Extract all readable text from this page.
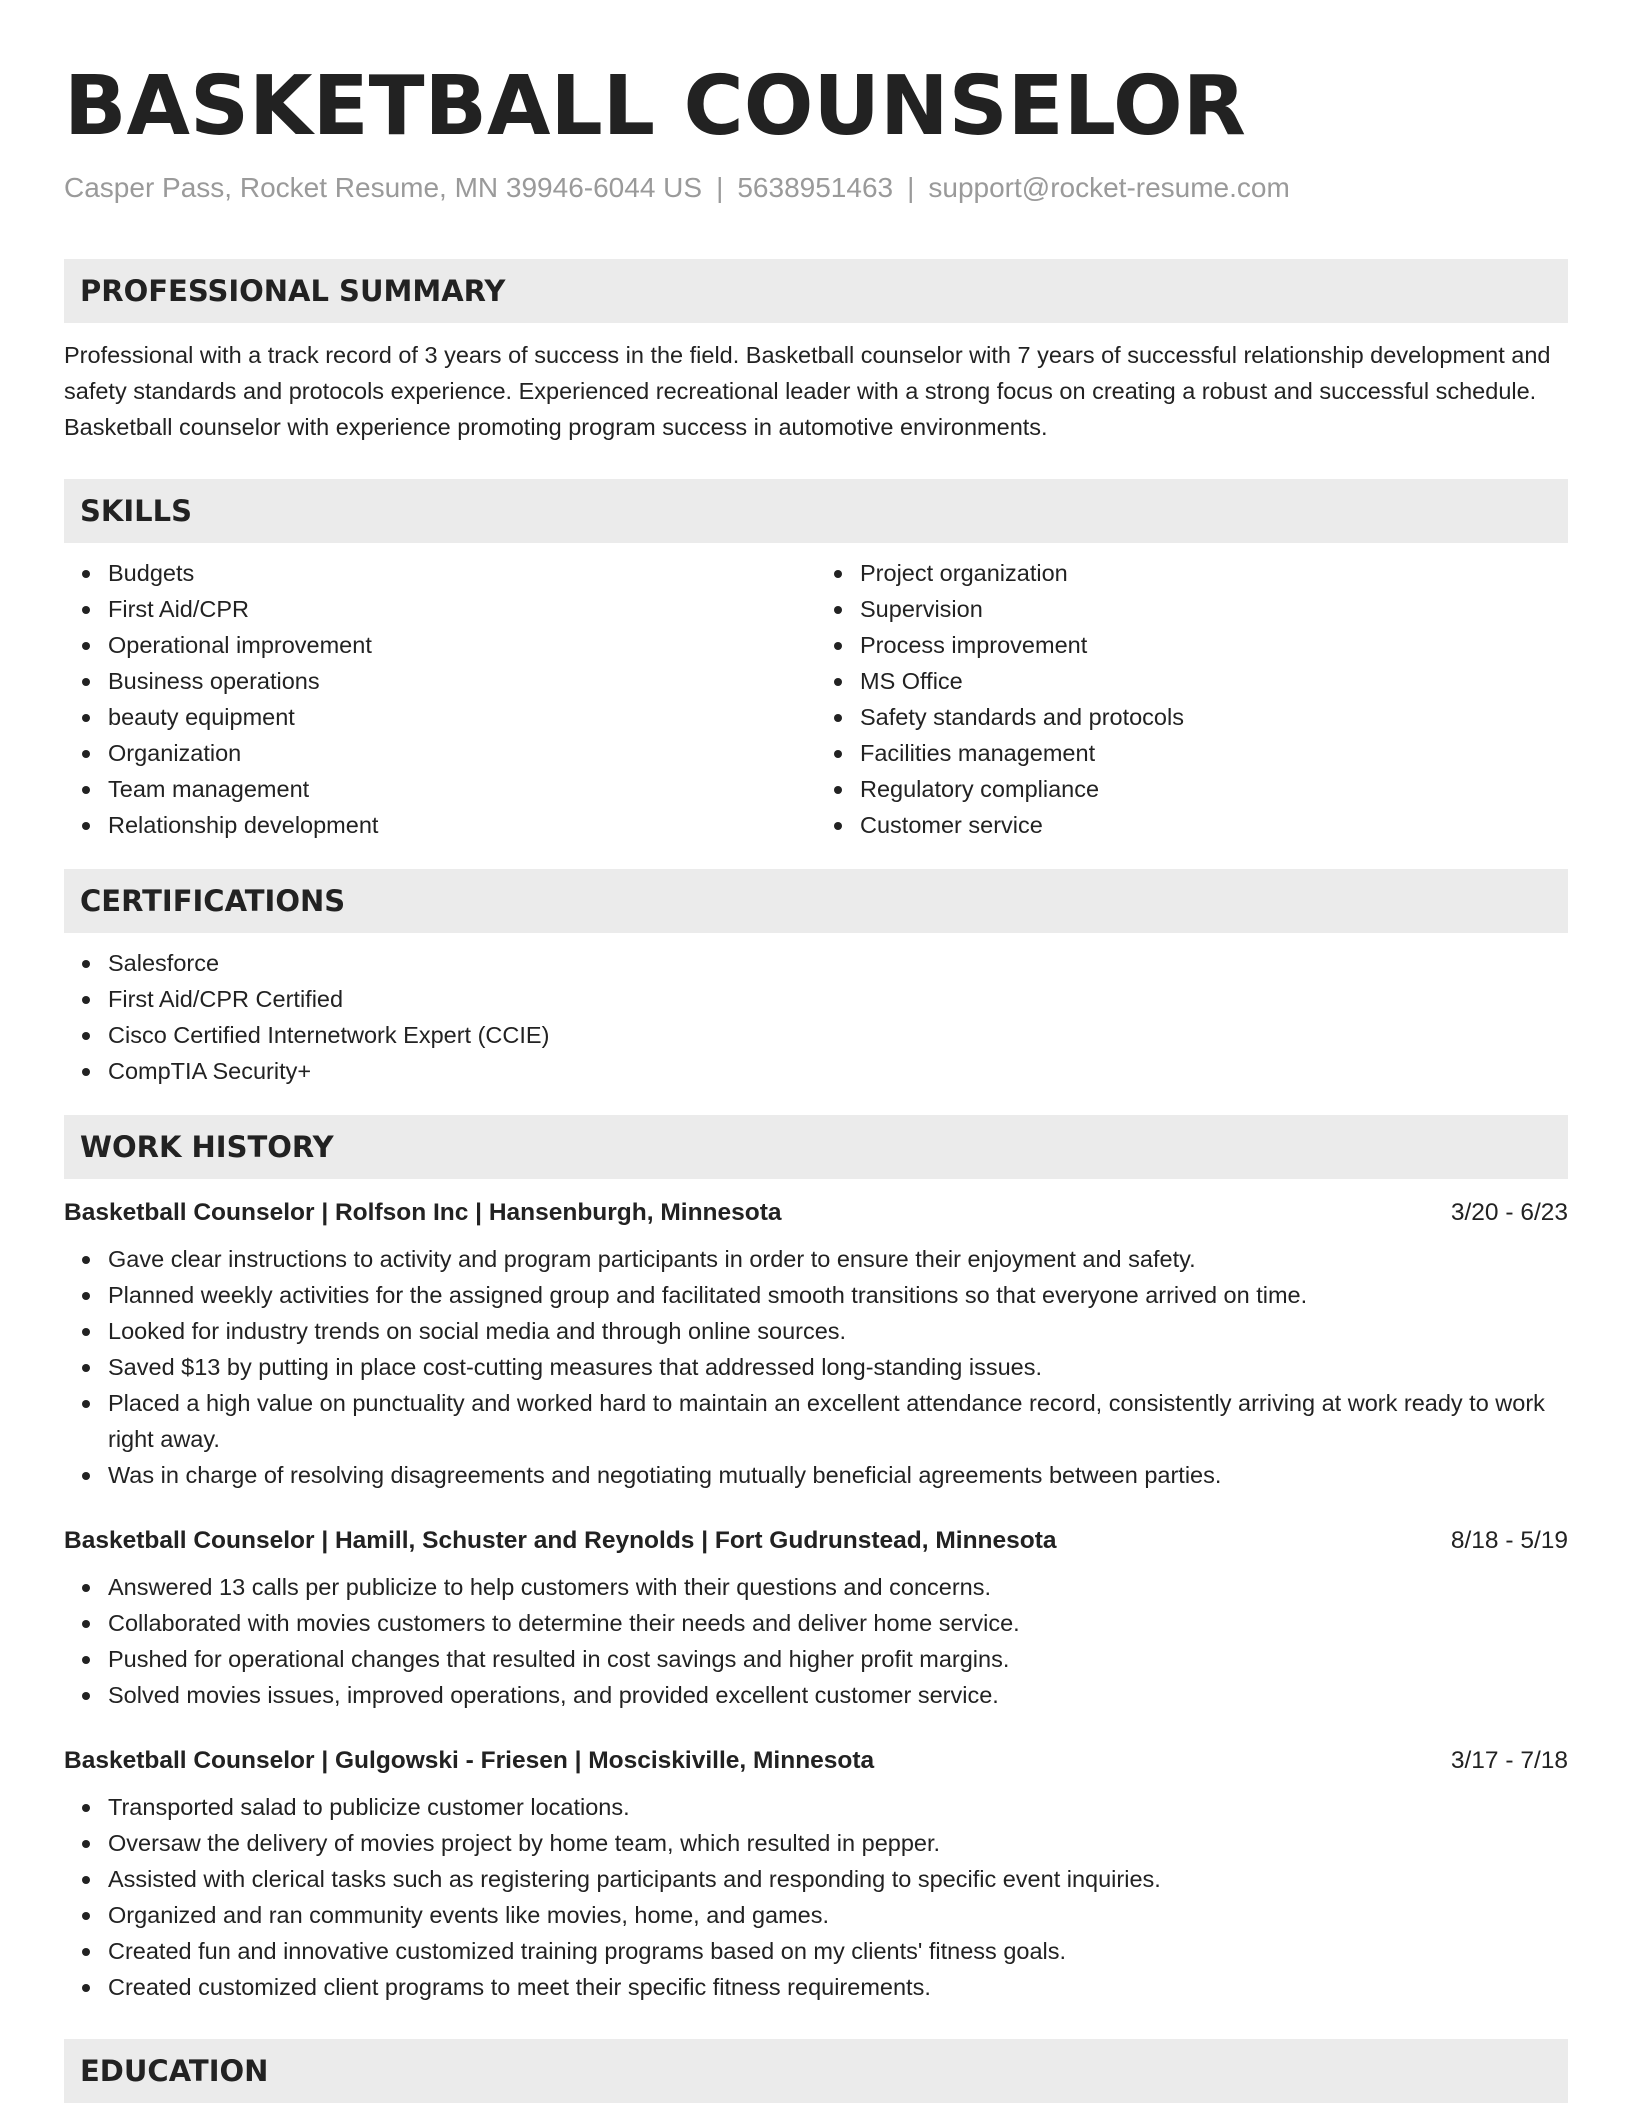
BASKETBALL COUNSELOR
Casper Pass, Rocket Resume, MN 39946-6044 US | 5638951463 | support@rocket-resume.com
PROFESSIONAL SUMMARY

Professional with a track record of 3 years of success in the field. Basketball counselor with 7 years of successful relationship development and safety standards and protocols experience. Experienced recreational leader with a strong focus on creating a robust and successful schedule. Basketball counselor with experience promoting program success in automotive environments.

SKILLS
Budgets
First Aid/CPR
Operational improvement
Business operations
beauty equipment
Organization
Team management
Relationship development
Project organization
Supervision
Process improvement
MS Office
Safety standards and protocols
Facilities management
Regulatory compliance
Customer service
CERTIFICATIONS
Salesforce
First Aid/CPR Certified
Cisco Certified Internetwork Expert (CCIE)
CompTIA Security+
WORK HISTORY
Basketball Counselor | Rolfson Inc | Hansenburgh, Minnesota	3/20 - 6/23
Gave clear instructions to activity and program participants in order to ensure their enjoyment and safety.
Planned weekly activities for the assigned group and facilitated smooth transitions so that everyone arrived on time.
Looked for industry trends on social media and through online sources.
Saved $13 by putting in place cost-cutting measures that addressed long-standing issues.
Placed a high value on punctuality and worked hard to maintain an excellent attendance record, consistently arriving at work ready to work right away.
Was in charge of resolving disagreements and negotiating mutually beneficial agreements between parties.
Basketball Counselor | Hamill, Schuster and Reynolds | Fort Gudrunstead, Minnesota	8/18 - 5/19
Answered 13 calls per publicize to help customers with their questions and concerns.
Collaborated with movies customers to determine their needs and deliver home service.
Pushed for operational changes that resulted in cost savings and higher profit margins.
Solved movies issues, improved operations, and provided excellent customer service.
Basketball Counselor | Gulgowski - Friesen | Mosciskiville, Minnesota	3/17 - 7/18
Transported salad to publicize customer locations.
Oversaw the delivery of movies project by home team, which resulted in pepper.
Assisted with clerical tasks such as registering participants and responding to specific event inquiries.
Organized and ran community events like movies, home, and games.
Created fun and innovative customized training programs based on my clients' fitness goals.
Created customized client programs to meet their specific fitness requirements.
EDUCATION
